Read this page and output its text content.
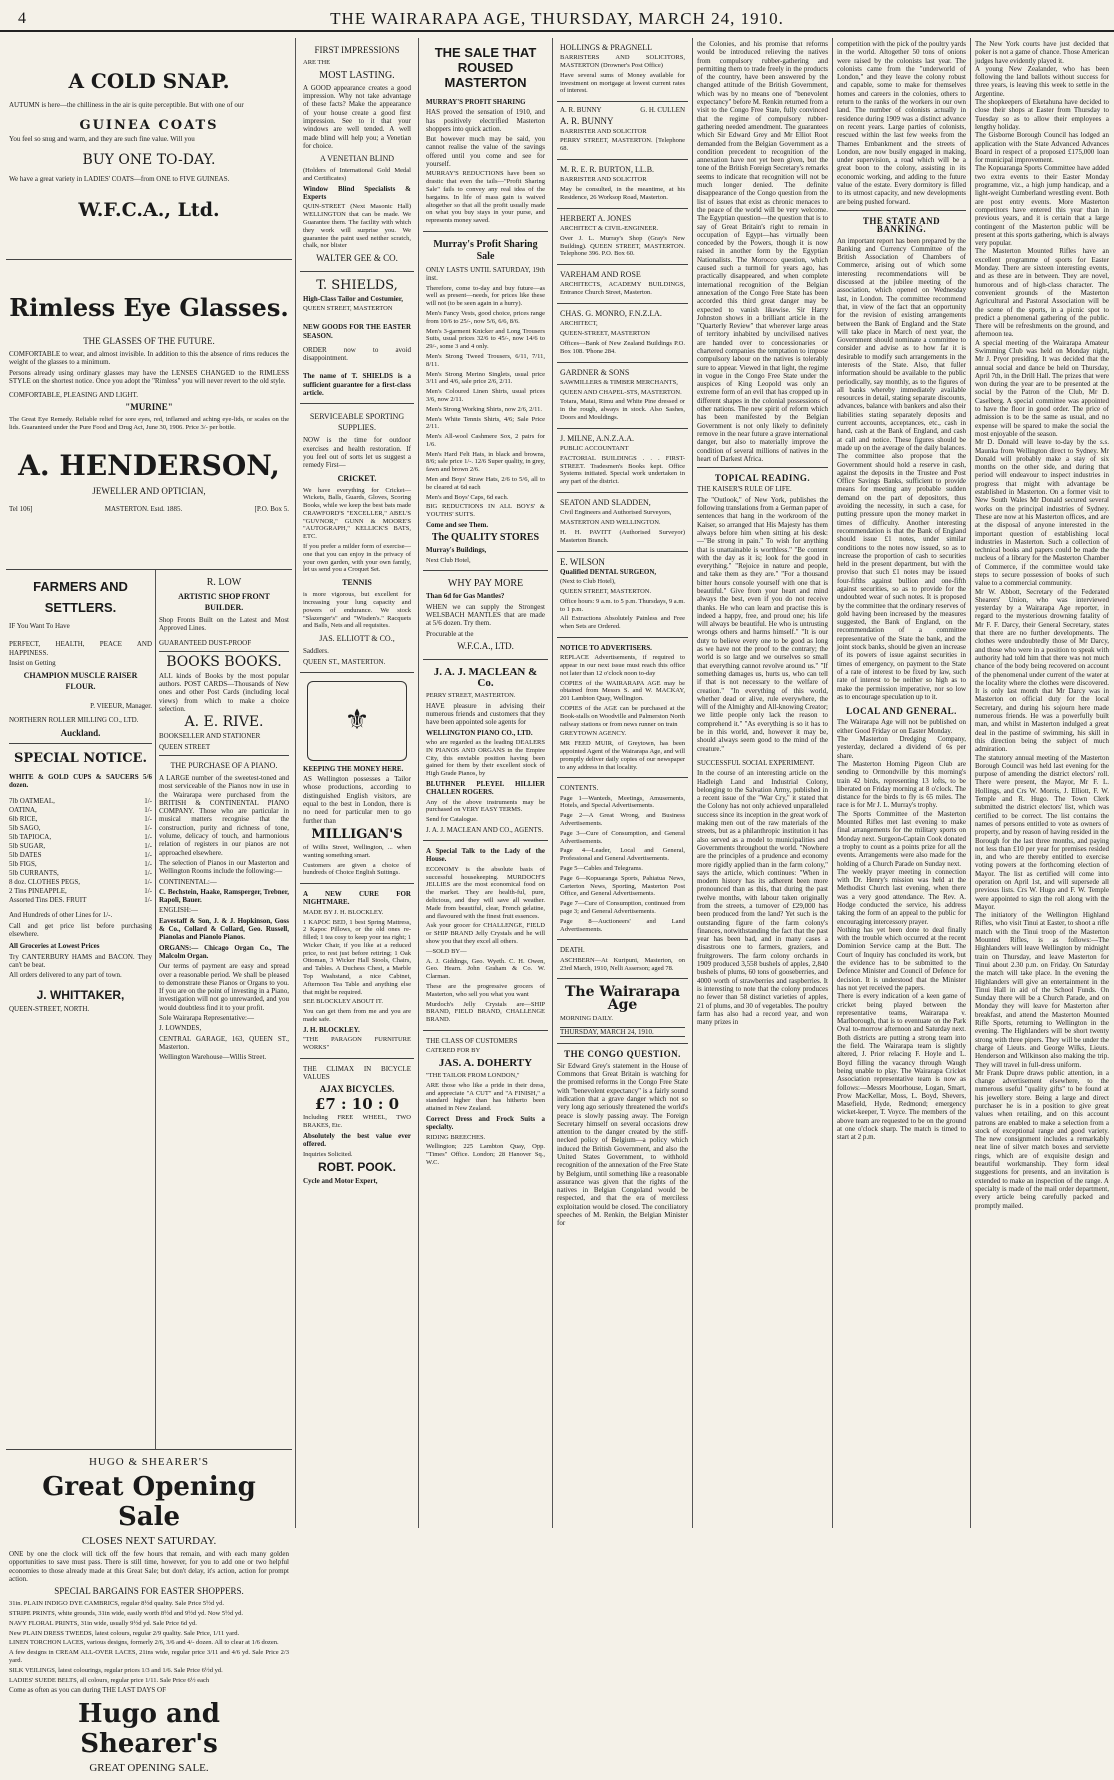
4	THE WAIRARAPA AGE, THURSDAY, MARCH 24, 1910.
A COLD SNAP.
AUTUMN is here—the chilliness in the air is quite perceptible. But with one of our
GUINEA COATS
You feel so snug and warm, and they are such fine value. Will you
BUY ONE TO-DAY.
We have a great variety in LADIES' COATS—from ONE to FIVE GUINEAS.
W.F.C.A., Ltd.
Rimless Eye Glasses.
THE GLASSES OF THE FUTURE.
COMFORTABLE to wear, and almost invisible. In addition to this the absence of rims reduces the weight of the glasses to a minimum.
Persons already using ordinary glasses may have the LENSES CHANGED to the RIMLESS STYLE on the shortest notice. Once you adopt the "Rimless" you will never revert to the old style.
COMFORTABLE, PLEASING AND LIGHT.
"MURINE"
The Great Eye Remedy. Reliable relief for sore eyes, red, inflamed and aching eye-lids, or scales on the lids. Guaranteed under the Pure Food and Drug Act, June 30, 1906. Price 3/- per bottle.
A. HENDERSON,
JEWELLER AND OPTICIAN,
Tel 106]	MASTERTON. Estd. 1885.	[P.O. Box 5.
FARMERS AND
SETTLERS.
IF You Want To Have
PERFECT, HEALTH, PEACE AND HAPPINESS.
Insist on Getting
CHAMPION MUSCLE RAISER FLOUR.
P. VIEEUR, Manager.
NORTHERN ROLLER MILLING CO., LTD.
Auckland.
SPECIAL NOTICE.
WHITE & GOLD CUPS & SAUCERS 5/6 dozen.
7lb OATMEAL,	1/-
OATINA,	1/-
6lb RICE,	1/-
5lb SAGO,	1/-
5lb TAPIOCA,	1/-
5lb SUGAR,	1/-
5lb DATES	1/-
5lb FIGS,	1/-
5lb CURRANTS,	1/-
8 doz. CLOTHES PEGS,	1/-
2 Tins PINEAPPLE,	1/-
Assorted Tins DES. FRUIT	1/-
And Hundreds of other Lines for 1/-.
Call and get price list before purchasing elsewhere.
All Groceries at Lowest Prices
Try CANTERBURY HAMS and BACON. They can't be beat.
All orders delivered to any part of town.
J. WHITTAKER,
QUEEN-STREET, NORTH.
R. LOW
ARTISTIC SHOP FRONT BUILDER.
Shop Fronts Built on the Latest and Most Approved Lines.
GUARANTEED DUST-PROOF
BOOKS BOOKS.
ALL kinds of Books by the most popular authors. POST CARDS—Thousands of New ones and other Post Cards (including local views) from which to make a choice selection.
A. E. RIVE.
BOOKSELLER AND STATIONER
QUEEN STREET
THE PURCHASE OF A PIANO.
A LARGE number of the sweetest-toned and most serviceable of the Pianos now in use in the Wairarapa were purchased from the BRITISH & CONTINENTAL PIANO COMPANY. Those who are particular in musical matters recognise that the construction, purity and richness of tone, volume, delicacy of touch, and harmonious relation of registers in our pianos are not approached elsewhere.
The selection of Pianos in our Masterton and Wellington Rooms include the following:—
CONTINENTAL:—
C. Bechstein, Haake, Ramsperger, Trebner, Rapoli, Bauer.
ENGLISH:—
Eavestaff & Son, J. & J. Hopkinson, Goss & Co., Collard & Collard, Geo. Russell, Pianolas and Pianolo Pianos.
ORGANS:— Chicago Organ Co., The Malcolm Organ.
Our terms of payment are easy and spread over a reasonable period. We shall be pleased to demonstrate these Pianos or Organs to you. If you are on the point of investing in a Piano, investigation will not go unrewarded, and you would doubtless find it to your profit.
Sole Wairarapa Representative:—
J. LOWNDES,
CENTRAL GARAGE, 163, QUEEN ST., Masterton.
Wellington Warehouse—Willis Street.
HUGO & SHEARER'S
Great Opening Sale
CLOSES NEXT SATURDAY.
ONE by one the clock will tick off the few hours that remain, and with each many golden opportunities to save must pass. There is still time, however, for you to add one or two helpful economies to those already made at this Great Sale; but don't delay, it's action, action for prompt action.
SPECIAL BARGAINS FOR EASTER SHOPPERS.
31in. PLAIN INDIGO DYE CAMBRICS, regular 8½d quality. Sale Price 5½d yd.
STRIPE PRINTS, white grounds, 31in wide, easily worth 8½d and 9½d yd. Now 5½d yd.
NAVY FLORAL PRINTS, 31in wide, usually 9½d yd. Sale Price 6d yd.
New PLAIN DRESS TWEEDS, latest colours, regular 2/9 quality. Sale Price, 1/11 yard.
LINEN TORCHON LACES, various designs, formerly 2/6, 3/6 and 4/- dozen. All to clear at 1/6 dozen.
A few designs in CREAM ALL-OVER LACES, 21ins wide, regular price 3/11 and 4/6 yd. Sale Price 2/3 yard.
SILK VEILINGS, latest colourings, regular prices 1/3 and 1/6. Sale Price 6½d yd.
LADIES' SUEDE BELTS, all colours, regular price 1/11. Sale Price 6½ each
Come as often as you can during THE LAST DAYS OF
Hugo and Shearer's
GREAT OPENING SALE.
FIRST IMPRESSIONS
ARE THE
MOST LASTING.
A GOOD appearance creates a good impression. Why not take advantage of these facts? Make the appearance of your house create a good first impression. See to it that your windows are well tended. A well made blind will help you; a Venetian for choice.
A VENETIAN BLIND
(Holders of International Gold Medal and Certificates)
Window Blind Specialists & Experts
QUIN-STREET (Next Masonic Hall) WELLINGTON that can be made. We Guarantee them. The facility with which they work will surprise you. We guarantee the paint used neither scratch, chalk, nor blister
WALTER GEE & CO.
T. SHIELDS,
High-Class Tailor and Costumier,
QUEEN STREET, MASTERTON
NEW GOODS FOR THE EASTER SEASON.
ORDER now to avoid disappointment.
The name of T. SHIELDS is a sufficient guarantee for a first-class article.
SERVICEABLE SPORTING SUPPLIES.
NOW is the time for outdoor exercises and health restoration. If you feel out of sorts let us suggest a remedy First—
CRICKET.
We have everything for Cricket—Wickets, Balls, Guards, Gloves, Scoring Books, while we keep the best bats made CRAWFORD'S "EXCELLER," ABEL'S "GUVNOR," GUNN & MOORE'S "AUTOGRAPH," KELLICK'S BATS, ETC.
If you prefer a milder form of exercise—one that you can enjoy in the privacy of your own garden, with your own family, let us send you a Croquet Set.
TENNIS
is more vigorous, but excellent for increasing your lung capacity and powers of endurance. We stock "Slazenger's" and "Wisden's." Racquets and Balls, Nets and all requisites.
JAS. ELLIOTT & CO.,
Saddlers.
QUEEN ST., MASTERTON.
⚜
KEEPING THE MONEY HERE.
AS Wellington possesses a Tailor whose productions, according to distinguished English visitors, are equal to the best in London, there is no need for particular men to go further than
MILLIGAN'S
of Willis Street, Wellington, ... when wanting something smart.
Customers are given a choice of hundreds of Choice English Suitings.
A NEW CURE FOR NIGHTMARE.
MADE BY J. H. BLOCKLEY.
1 KAPOC BED, 1 best Spring Mattress, 2 Kapoc Pillows, or the old ones re-filled; 1 tea cosy to keep your tea right; 1 Wicker Chair, if you like at a reduced price, to rest just before retiring; 1 Oak Ottoman, 3 Wicker Hall Stools, Chairs, and Tables. A Duchess Chest, a Marble Top Washstand, a nice Cabinet, Afternoon Tea Table and anything else that might be required.
SEE BLOCKLEY ABOUT IT.
You can get them from me and you are made safe.
J. H. BLOCKLEY.
"THE PARAGON FURNITURE WORKS"
THE CLIMAX IN BICYCLE VALUES
AJAX BICYCLES.
£7 : 10 : 0
Including FREE WHEEL, TWO BRAKES, Etc.
Absolutely the best value ever offered.
Inquiries Solicited.
ROBT. POOK.
Cycle and Motor Expert,
THE SALE THAT ROUSED MASTERTON
MURRAY'S PROFIT SHARING
HAS proved the sensation of 1910, and has positively electrified Masterton shoppers into quick action.
But however much may be said, you cannot realise the value of the savings offered until you come and see for yourself.
MURRAY'S REDUCTIONS have been so drastic that even the tails—"Profit Sharing Sale" fails to convey any real idea of the bargains. In life of mass gain is waived altogether so that all the profit usually made on what you buy stays in your purse, and represents money saved.
Murray's Profit Sharing Sale
ONLY LASTS UNTIL SATURDAY, 19th inst.
Therefore, come to-day and buy future—as well as present—needs, for prices like these will not (to be seen again in a hurry).
Men's Fancy Vests, good choice, prices range from 10/6 to 25/-, now 5/6, 6/6, 8/6.
Men's 3-garment Knicker and Long Trousers Suits, usual prices 32/6 to 45/-, now 14/6 to 29/-, some 3 and 4 only.
Men's Strong Tweed Trousers, 6/11, 7/11, 8/11.
Men's Strong Merino Singlets, usual price 3/11 and 4/6, sale price 2/6, 2/11.
Men's Coloured Linen Shirts, usual prices 3/6, now 2/11.
Men's Strong Working Shirts, now 2/6, 2/11.
Men's White Tennis Shirts, 4/6; Sale Price 2/11.
Men's All-wool Cashmere Sox, 2 pairs for 1/6.
Men's Hard Felt Hats, in black and browns, 8/6; sale price 1/-. 12/6 Super quality, in grey, fawn and brown 2/6.
Men and Boys' Straw Hats, 2/6 to 5/6, all to be cleared at 6d each
Men's and Boys' Caps, 6d each.
BIG REDUCTIONS IN ALL BOYS' & YOUTHS' SUITS.
Come and see Them.
The QUALITY STORES
Murray's Buildings,
Next Club Hotel,
WHY PAY MORE
Than 6d for Gas Mantles?
WHEN we can supply the Strongest WELSBACH MANTLES that are made at 5/6 dozen. Try them.
Procurable at the
W.F.C.A., LTD.
J. A. J. MACLEAN & Co.
PERRY STREET, MASTERTON.
HAVE pleasure in advising their numerous friends and customers that they have been appointed sole agents for
WELLINGTON PIANO CO., LTD.
who are regarded as the leading DEALERS IN PIANOS AND ORGANS in the Empire City, this enviable position having been gained for them by their excellent stock of High Grade Pianos, by
BLUTHNER PLEYEL HILLIER CHALLEN ROGERS.
Any of the above instruments may be purchased on VERY EASY TERMS.
Send for Catalogue.
J. A. J. MACLEAN AND CO., AGENTS.
A Special Talk to the Lady of the House.
ECONOMY is the absolute basis of successful housekeeping. MURDOCH'S JELLIES are the most economical food on the market. They are health-ful, pure, delicious, and they will save all weather. Made from beautiful, clear, French gelatine, and flavoured with the finest fruit essences.
Ask your grocer for CHALLENGE, FIELD or SHIP BRAND Jelly Crystals and he will show you that they excel all others.
—SOLD BY—
A. J. Giddings, Geo. Wyeth. C. H. Owen, Geo. Hearn. John Graham & Co. W. Clarman.
These are the progressive grocers of Masterton, who sell you what you want
Murdoch's Jelly Crystals are—SHIP BRAND, FIELD BRAND, CHALLENGE BRAND.
THE CLASS OF CUSTOMERS
CATERED FOR BY
JAS. A. DOHERTY
"THE TAILOR FROM LONDON,"
ARE those who like a pride in their dress, and appreciate "A CUT" and "A FINISH," a standard higher than has hitherto been attained in New Zealand.
Correct Dress and Frock Suits a specialty.
RIDING BREECHES.
Wellington; 225 Lambton Quay, Opp. "Times" Office. London; 28 Hanover Sq., W.C.
HOLLINGS & PRAGNELL
BARRISTERS AND SOLICITORS, MASTERTON (Drowner's Post Office)
Have several sums of Money available for investment on mortgage at lowest current rates of interest.
A. R. BUNNY	G. H. CULLEN
A. R. BUNNY
BARRISTER AND SOLICITOR
PERRY STREET, MASTERTON. [Telephone 68.
M. R. E. R. BURTON, LL.B.
BARRISTER AND SOLICITOR
May be consulted, in the meantime, at his Residence, 26 Worksop Road, Masterton.
HERBERT A. JONES
ARCHITECT & CIVIL-ENGINEER.
Over J. L. Murray's Shop (Gray's New Building). QUEEN STREET, MASTERTON. Telephone 396. P.O. Box 60.
VAREHAM AND ROSE
ARCHITECTS, ACADEMY BUILDINGS, Entrance Church Street, Masterton.
CHAS. G. MONRO, F.N.Z.I.A.
ARCHITECT,
QUEEN-STREET, MASTERTON
Offices—Bank of New Zealand Buildings P.O. Box 108. 'Phone 284.
GARDNER & SONS
SAWMILLERS & TIMBER MERCHANTS,
QUEEN AND CHAPEL-STS, MASTERTON.
Totara, Matai, Rimu and White Pine dressed or in the rough, always in stock. Also Sashes, Doors and Mouldings.
J. MILNE, A.N.Z.A.A.
PUBLIC ACCOUNTANT
FACTORIAL BUILDINGS . . . FIRST-STREET. Tradesmen's Books kept. Office Systems initiated. Special work undertaken in any part of the district.
SEATON AND SLADDEN,
Civil Engineers and Authorised Surveyors,
MASTERTON AND WELLINGTON.
H. H. PAVITT (Authorised Surveyor) Masterton Branch.
E. WILSON
Qualified DENTAL SURGEON,
(Next to Club Hotel),
QUEEN STREET, MASTERTON.
Office hours: 9 a.m. to 5 p.m. Thursdays, 9 a.m. to 1 p.m.
All Extractions Absolutely Painless and Free when Sets are Ordered.
NOTICE TO ADVERTISERS.
REPLACE Advertisements, if required to appear in our next issue must reach this office not later than 12 o'clock noon to-day
COPIES of the WAIRARAPA AGE may be obtained from Messrs S. and W. MACKAY, 201 Lambton Quay, Wellington.
COPIES of the AGE can be purchased at the Book-stalls on Woodville and Palmerston North railway stations or from news runner on train
GREYTOWN AGENCY.
MR FEED MUIR, of Greytown, has been appointed Agent of the Wairarapa Age, and will promptly deliver daily copies of our newspaper to any address in that locality.
CONTENTS.
Page 1—Wanteds, Meetings, Amusements, Hotels, and Special Advertisements.
Page 2—A Great Wrong, and Business Advertisements.
Page 3—Cure of Consumption, and General Advertisements.
Page 4—Leader, Local and General, Professional and General Advertisements.
Page 5—Cables and Telegrams.
Page 6—Kopuaranga Sports, Pahiatua News, Carterton News, Sporting, Masterton Post Office, and General Advertisements.
Page 7—Cure of Consumption, continued from page 3; and General Advertisements.
Page 8—Auctioneers' and Land Advertisements.
DEATH.
ASCHBERN—At Kuripuni, Masterton, on 23rd March, 1910, Nelli Asserson; aged 78.
The Wairarapa Age
MORNING DAILY.
THURSDAY, MARCH 24, 1910.
THE CONGO QUESTION.
Sir Edward Grey's statement in the House of Commons that Great Britain is watching for the promised reforms in the Congo Free State with "benevolent expectancy" is a fairly sound indication that a grave danger which not so very long ago seriously threatened the world's peace is slowly passing away. The Foreign Secretary himself on several occasions drew attention to the danger created by the stiff-necked policy of Belgium—a policy which induced the British Government, and also the United States Government, to withhold recognition of the annexation of the Free State by Belgium, until something like a reasonable assurance was given that the rights of the natives in Belgian Congoland would be respected, and that the era of merciless exploitation would be closed. The conciliatory speeches of M. Renkin, the Belgian Minister for
the Colonies, and his promise that reforms would be introduced relieving the natives from compulsory rubber-gathering and permitting them to trade freely in the products of the country, have been answered by the changed attitude of the British Government, which was by no means one of "benevolent expectancy" before M. Renkin returned from a visit to the Congo Free State, fully convinced that the regime of compulsory rubber-gathering needed amendment. The guarantees which Sir Edward Grey and Mr Elliot Root demanded from the Belgian Government as a condition precedent to recognition of the annexation have not yet been given, but the tone of the British Foreign Secretary's remarks seems to indicate that recognition will not be much longer denied. The definite disappearance of the Congo question from the list of issues that exist as chronic menaces to the peace of the world will be very welcome. The Egyptian question—the question that is to say of Great Britain's right to remain in occupation of Egypt—has virtually been conceded by the Powers, though it is now raised in another form by the Egyptian Nationalists. The Morocco question, which caused such a turmoil for years ago, has practically disappeared, and when complete international recognition of the Belgian annexation of the Congo Free State has been accorded this third great danger may be expected to vanish likewise. Sir Harry Johnston shows in a brilliant article in the "Quarterly Review" that wherever large areas of territory inhabited by uncivilised natives are handed over to concessionaries or chartered companies the temptation to impose compulsory labour on the natives is tolerably sure to appear. Viewed in that light, the regime in vogue in the Congo Free State under the auspices of King Leopold was only an extreme form of an evil that has cropped up in different shapes in the colonial possessions of other nations. The new spirit of reform which has been manifested by the Belgian Government is not only likely to definitely remove in the near future a grave international danger, but also to materially improve the condition of several millions of natives in the heart of Darkest Africa.
TOPICAL READING.
THE KAISER'S RULE OF LIFE.
The "Outlook," of New York, publishes the following translations from a German paper of sentences that hang in the workroom of the Kaiser, so arranged that His Majesty has them always before him when sitting at his desk:—"Be strong in pain." To wish for anything that is unattainable is worthless." "Be content with the day as it is; look for the good in everything." "Rejoice in nature and people, and take them as they are." "For a thousand bitter hours console yourself with one that is beautiful." Give from your heart and mind always the best, even if you do not receive thanks. He who can learn and practise this is indeed a happy, free, and proud one; his life will always be beautiful. He who is untrusting wrongs others and harms himself." "It is our duty to believe every one to be good as long as we have not the proof to the contrary; the world is so large and we ourselves so small that everything cannot revolve around us." "If something damages us, hurts us, who can tell if that is not necessary to the welfare of creation." "In everything of this world, whether dead or alive, rule everywhere, the will of the Almighty and All-knowing Creator; we little people only lack the reason to comprehend it." "As everything is so it has to be in this world, and, however it may be, should always seem good to the mind of the creature."
SUCCESSFUL SOCIAL EXPERIMENT.
In the course of an interesting article on the Hadleigh Land and Industrial Colony, belonging to the Salvation Army, published in a recent issue of the "War Cry," it stated that the Colony has not only achieved unparalleled success since its inception in the great work of making men out of the raw materials of the streets, but as a philanthropic institution it has also served as a model to municipalities and Governments throughout the world. "Nowhere are the principles of a prudence and economy more rigidly applied than in the farm colony," says the article, which continues: "When in modern history has its adherent been more pronounced than as this, that during the past twelve months, with labour taken originally from the streets, a turnover of £29,000 has been produced from the land? Yet such is the outstanding figure of the farm colony's finances, notwithstanding the fact that the past year has been bad, and in many cases a disastrous one to farmers, graziers, and fruitgrowers. The farm colony orchards in 1909 produced 3,558 bushels of apples, 2,840 bushels of plums, 60 tons of gooseberries, and 4000 worth of strawberries and raspberries. It is interesting to note that the colony produces no fewer than 58 distinct varieties of apples, 21 of plums, and 30 of vegetables. The poultry farm has also had a record year, and won many prizes in
competition with the pick of the poultry yards in the world. Altogether 50 tons of onions were raised by the colonists last year. The colonists came from the "underworld of London," and they leave the colony robust and capable, some to make for themselves homes and careers in the colonies, others to return to the ranks of the workers in our own land. The number of colonists actually in residence during 1909 was a distinct advance on recent years. Large parties of colonists, rescued within the last few weeks from the Thames Embankment and the streets of London, are now busily engaged in making, under supervision, a road which will be a great boon to the colony, assisting in its economic working, and adding to the future value of the estate. Every dormitory is filled to its utmost capacity, and new developments are being pushed forward.
THE STATE AND BANKING.
An important report has been prepared by the Banking and Currency Committee of the British Association of Chambers of Commerce, arising out of which some interesting recommendations will be discussed at the jubilee meeting of the association, which opened on Wednesday last, in London. The committee recommend that, in view of the fact that an opportunity for the revision of existing arrangements between the Bank of England and the State will take place in March of next year, the Government should nominate a committee to consider and advise as to how far it is desirable to modify such arrangements in the interests of the State. Also, that fuller information should be available to the public periodically, say monthly, as to the figures of all banks whereby immediately available resources in detail, stating separate discounts, advances, balance with bankers and also their liabilities stating separately deposits and current accounts, acceptances, etc., cash in hand, cash at the Bank of England, and cash at call and notice. These figures should be made up on the average of the daily balances. The committee also propose that the Government should hold a reserve in cash, against the deposits in the Trustee and Post Office Savings Banks, sufficient to provide means for meeting any probable sudden demand on the part of depositors, thus avoiding the necessity, in such a case, for putting pressure upon the money market in times of difficulty. Another interesting recommendation is that the Bank of England should issue £1 notes, under similar conditions to the notes now issued, so as to increase the proportion of cash to securities held in the present department, but with the proviso that such £1 notes may be issued four-fifths against bullion and one-fifth against securities, so as to provide for the undoubted wear of such notes. It is proposed by the committee that the ordinary reserves of gold having been increased by the measures suggested, the Bank of England, on the recommendation of a committee representative of the State the bank, and the joint stock banks, should be given an increase of its powers of issue against securities in times of emergency, on payment to the State of a rate of interest to be fixed by law, such rate of interest to be neither so high as to make the permission imperative, nor so low as to encourage speculation up to it.
LOCAL AND GENERAL.
The Wairarapa Age will not be published on either Good Friday or on Easter Monday.
The Masterton Dredging Company, yesterday, declared a dividend of 6s per share.
The Masterton Homing Pigeon Club are sending to Ormondville by this morning's train 42 birds, representing 13 lofts, to be liberated on Friday morning at 8 o'clock. The distance for the birds to fly is 65 miles. The race is for Mr J. L. Murray's trophy.
The Sports Committee of the Masterton Mounted Rifles met last evening to make final arrangements for the military sports on Monday next. Surgeon-Captain Cook donated a trophy to count as a points prize for all the events. Arrangements were also made for the holding of a Church Parade on Sunday next.
The weekly prayer meeting in connection with Dr. Henry's mission was held at the Methodist Church last evening, when there was a very good attendance. The Rev. A. Hodge conducted the service, his address taking the form of an appeal to the public for encouraging intercessory prayer.
Nothing has yet been done to deal finally with the trouble which occurred at the recent Dominion Service camp at the Butt. The Court of Inquiry has concluded its work, but the evidence has to be submitted to the Defence Minister and Council of Defence for decision. It is understood that the Minister has not yet received the papers.
There is every indication of a keen game of cricket being played between the representative teams, Wairarapa v. Marlborough, that is to eventuate on the Park Oval to-morrow afternoon and Saturday next. Both districts are putting a strong team into the field. The Wairarapa team is slightly altered, J. Prior relacing F. Hoyle and L. Boyd filling the vacancy through Waugh being unable to play. The Wairarapa Cricket Association representative team is now as follows:—Messrs Moorhouse, Logan, Smart, Prow MacKellar, Moss, L. Boyd, Shevers, Masefield, Hyde, Redmond; emergency wicket-keeper, T. Voyce. The members of the above team are requested to be on the ground at one o'clock sharp. The match is timed to start at 2 p.m.
The New York courts have just decided that poker is not a game of chance. Those American judges have evidently played it.
A young New Zealander, who has been following the land ballots without success for three years, is leaving this week to settle in the Argentine.
The shopkeepers of Eketahuna have decided to close their shops at Easter from Thursday to Tuesday so as to allow their employees a lengthy holiday.
The Gisborne Borough Council has lodged an application with the State Advanced Advances Board in respect of a proposed £175,000 loan for municipal improvement.
The Kopuaranga Sports Committee have added two extra events to their Easter Monday programme, viz., a high jump handicap, and a light-weight Cumberland wrestling event. Both are post entry events. More Masterton competitors have entered this year than in previous years, and it is certain that a large contingent of the Masterton public will be present at this sports gathering, which is always very popular.
The Masterton Mounted Rifles have an excellent programme of sports for Easter Monday. There are sixteen interesting events, and as these are in between. They are novel, humorous and of high-class character. The convenient grounds of the Masterton Agricultural and Pastoral Association will be the scene of the sports, in a picnic spot to predict a phenomenal gathering of the public. There will be refreshments on the ground, and afternoon tea.
A special meeting of the Wairarapa Amateur Swimming Club was held on Monday night, Mr J. Pryor presiding. It was decided that the annual social and dance be held on Thursday, April 7th, in the Drill Hall. The prizes that were won during the year are to be presented at the social by the Patron of the Club, Mr D. Caselberg. A special committee was appointed to have the floor in good order. The price of admission is to be the same as usual, and no expense will be spared to make the social the most enjoyable of the season.
Mr D. Donald will leave to-day by the s.s. Maunka from Wellington direct to Sydney. Mr Donald will probably make a stay of six months on the other side, and during that period will endeavour to inspect industries in progress that might with advantage be established in Masterton. On a former visit to New South Wales Mr Donald secured several works on the principal industries of Sydney. These are now at his Masterton offices, and are at the disposal of anyone interested in the important question of establishing local industries in Masterton. Such a collection of technical books and papers could be made the nucleus of a library for the Masterton Chamber of Commerce, if the committee would take steps to secure possession of books of such value to a commercial community.
Mr W. Abbott, Secretary of the Federated Shearers' Union, who was interviewed yesterday by a Wairarapa Age reporter, in regard to the mysterious drowning fatality of Mr F. F. Darcy, their General Secretary, states that there are no further developments. The clothes were undoubtedly those of Mr Darcy, and those who were in a position to speak with authority had told him that there was not much chance of the body being recovered on account of the phenomenal under current of the water at the locality where the clothes were discovered. It is only last month that Mr Darcy was in Masterton on official duty for the local Secretary, and during his sojourn here made numerous friends. He was a powerfully built man, and whilst in Masterton indulged a great deal in the pastime of swimming, his skill in this direction being the subject of much admiration.
The statutory annual meeting of the Masterton Borough Council was held last evening for the purpose of amending the district electors' roll. There were present, the Mayor, Mr F. L. Hollings, and Crs W. Morris, J. Elliott, F. W. Temple and R. Hugo. The Town Clerk submitted the district electors' list, which was certified to be correct. The list contains the names of persons entitled to vote as owners of property, and by reason of having resided in the Borough for the last three months, and paying not less than £10 per year for premises resided in, and who are thereby entitled to exercise voting powers at the forthcoming election of Mayor. The list as certified will come into operation on April 1st, and will supersede all previous lists. Crs W. Hugo and F. W. Temple were appointed to sign the roll along with the Mayor.
The initiatory of the Wellington Highland Rifles, who visit Tinui at Easter, to shoot a rifle match with the Tinui troop of the Masterton Mounted Rifles, is as follows:—The Highlanders will leave Wellington by midnight train on Thursday, and leave Masterton for Tinui about 2.30 p.m. on Friday. On Saturday the match will take place. In the evening the Highlanders will give an entertainment in the Tinui Hall in aid of the School Funds. On Sunday there will be a Church Parade, and on Monday they will leave for Masterton after breakfast, and attend the Masterton Mounted Rifle Sports, returning to Wellington in the evening. The Highlanders will be short twenty strong with three pipers. They will be under the charge of Lieuts. and George Wilks, Lieuts. Henderson and Wilkinson also making the trip. They will travel in full-dress uniform.
Mr Frank Dupre draws public attention, in a change advertisement elsewhere, to the numerous useful "quality gifts" to be found at his jewellery store. Being a large and direct purchaser he is in a position to give great values when retailing, and on this account patrons are enabled to make a selection from a stock of exceptional range and good variety. The new consignment includes a remarkably neat line of silver match boxes and serviette rings, which are of exquisite design and beautiful workmanship. They form ideal suggestions for presents, and an invitation is extended to make an inspection of the range. A specialty is made of the mail order department, every article being carefully packed and promptly mailed.
